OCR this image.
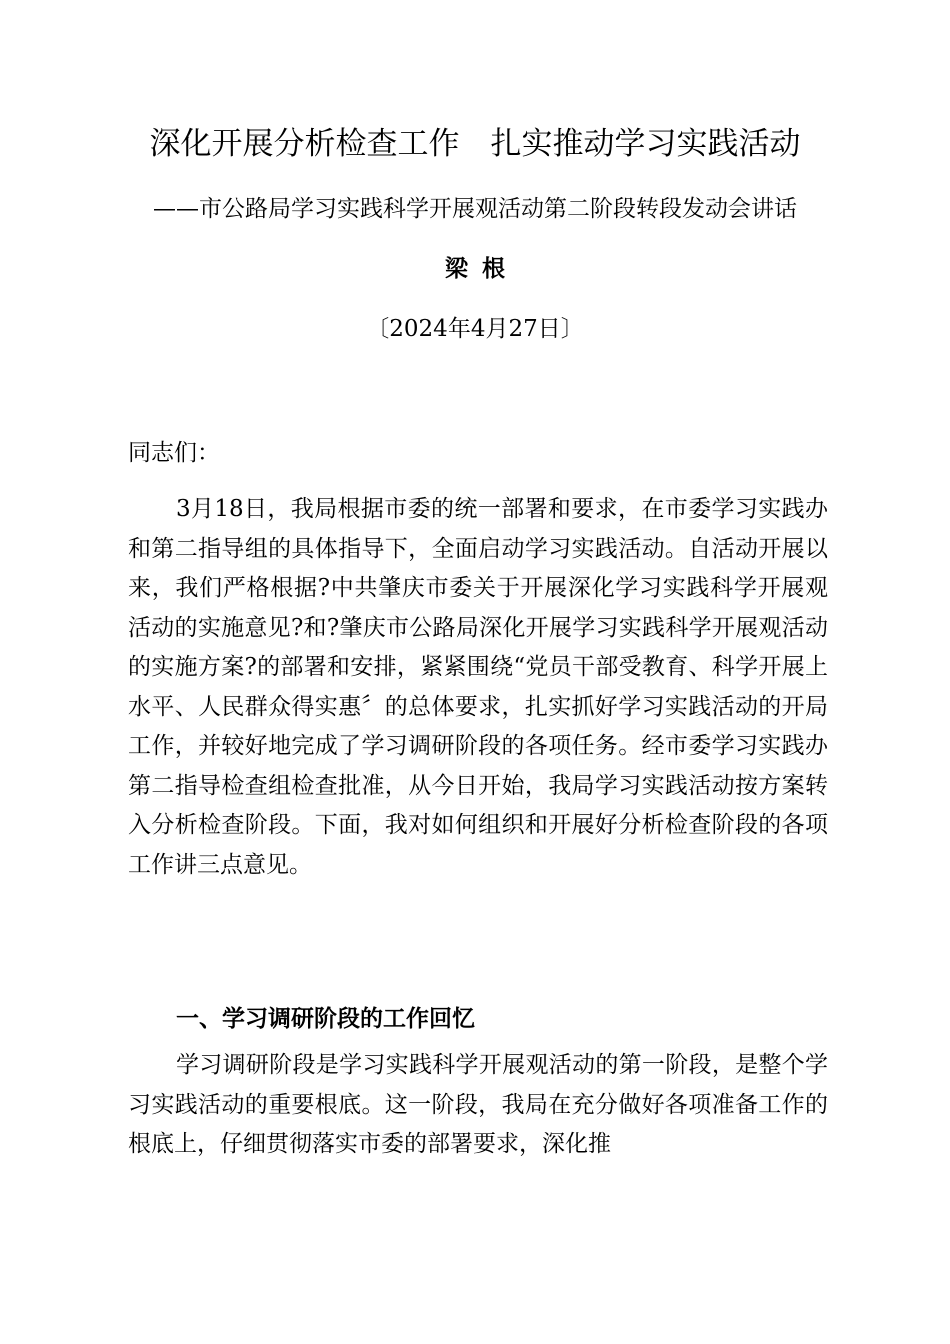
深化开展分析检查工作　扎实推动学习实践活动
——市公路局学习实践科学开展观活动第二阶段转段发动会讲话
梁根
〔2024年4月27日〕
同志们：

3月18日，我局根据市委的统一部署和要求，在市委学习实践办和第二指导组的具体指导下，全面启动学习实践活动。自活动开展以来，我们严格根据?中共肇庆市委关于开展深化学习实践科学开展观活动的实施意见?和?肇庆市公路局深化开展学习实践科学开展观活动的实施方案?的部署和安排，紧紧围绕“党员干部受教育、科学开展上水平、人民群众得实惠〞的总体要求，扎实抓好学习实践活动的开局工作，并较好地完成了学习调研阶段的各项任务。经市委学习实践办第二指导检查组检查批准，从今日开始，我局学习实践活动按方案转入分析检查阶段。下面，我对如何组织和开展好分析检查阶段的各项工作讲三点意见。

一、学习调研阶段的工作回忆

学习调研阶段是学习实践科学开展观活动的第一阶段，是整个学习实践活动的重要根底。这一阶段，我局在充分做好各项准备工作的根底上，仔细贯彻落实市委的部署要求，深化推
